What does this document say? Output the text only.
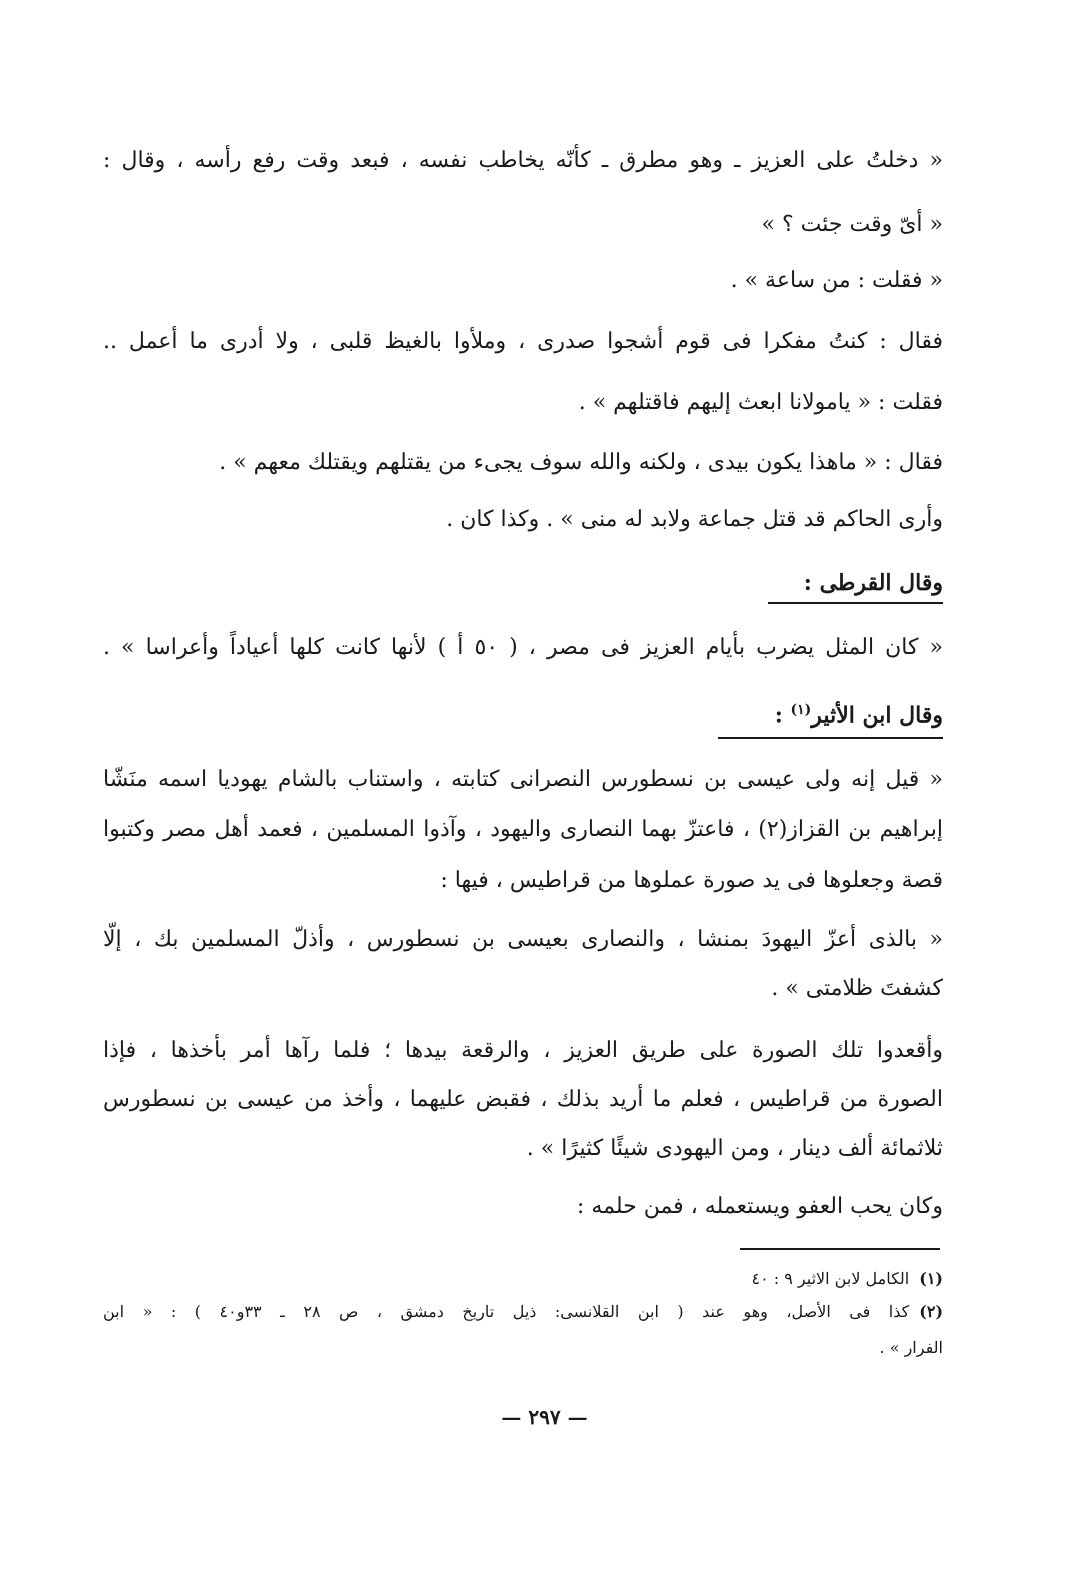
« دخلتُ على العزيز ـ وهو مطرق ـ كأنّه يخاطب نفسه ، فبعد وقت رفع رأسه ، وقال :
« أىّ وقت جئت ؟ »
« فقلت : من ساعة » .
فقال : كنتُ مفكرا فى قوم أشجوا صدرى ، وملأوا بالغيظ قلبى ، ولا أدرى ما أعمل ..
فقلت : « يامولانا ابعث إليهم فاقتلهم » .
فقال : « ماهذا يكون بيدى ، ولكنه والله سوف يجىء من يقتلهم ويقتلك معهم » .
وأرى الحاكم قد قتل جماعة ولابد له منى » . وكذا كان .
وقال القرطى :
« كان المثل يضرب بأيام العزيز فى مصر ، ( ٥٠ أ ) لأنها كانت كلها أعياداً وأعراسا » .
وقال ابن الأثير$^{(١)}$ :
« قيل إنه ولى عيسى بن نسطورس النصرانى كتابته ، واستناب بالشام يهوديا اسمه منَشّا
إبراهيم بن القزاز(٢) ، فاعتزّ بهما النصارى واليهود ، وآذوا المسلمين ، فعمد أهل مصر وكتبوا
قصة وجعلوها فى يد صورة عملوها من قراطيس ، فيها :
« بالذى أعزّ اليهودَ بمنشا ، والنصارى بعيسى بن نسطورس ، وأذلّ المسلمين بك ، إلّا
كشفتَ ظلامتى » .
وأقعدوا تلك الصورة على طريق العزيز ، والرقعة بيدها ؛ فلما رآها أمر بأخذها ، فإذا
الصورة من قراطيس ، فعلم ما أريد بذلك ، فقبض عليهما ، وأخذ من عيسى بن نسطورس
ثلاثمائة ألف دينار ، ومن اليهودى شيئًا كثيرًا » .
وكان يحب العفو ويستعمله ، فمن حلمه :
(١)الكامل لابن الاثير ٩ : ٤٠
(٢)كذا فى الأصل، وهو عند ( ابن القلانسى: ذيل تاريخ دمشق ، ص ٢٨ ـ ٣٣و٤٠ ) : « ابن
الفرار » .
— ٢٩٧ —
